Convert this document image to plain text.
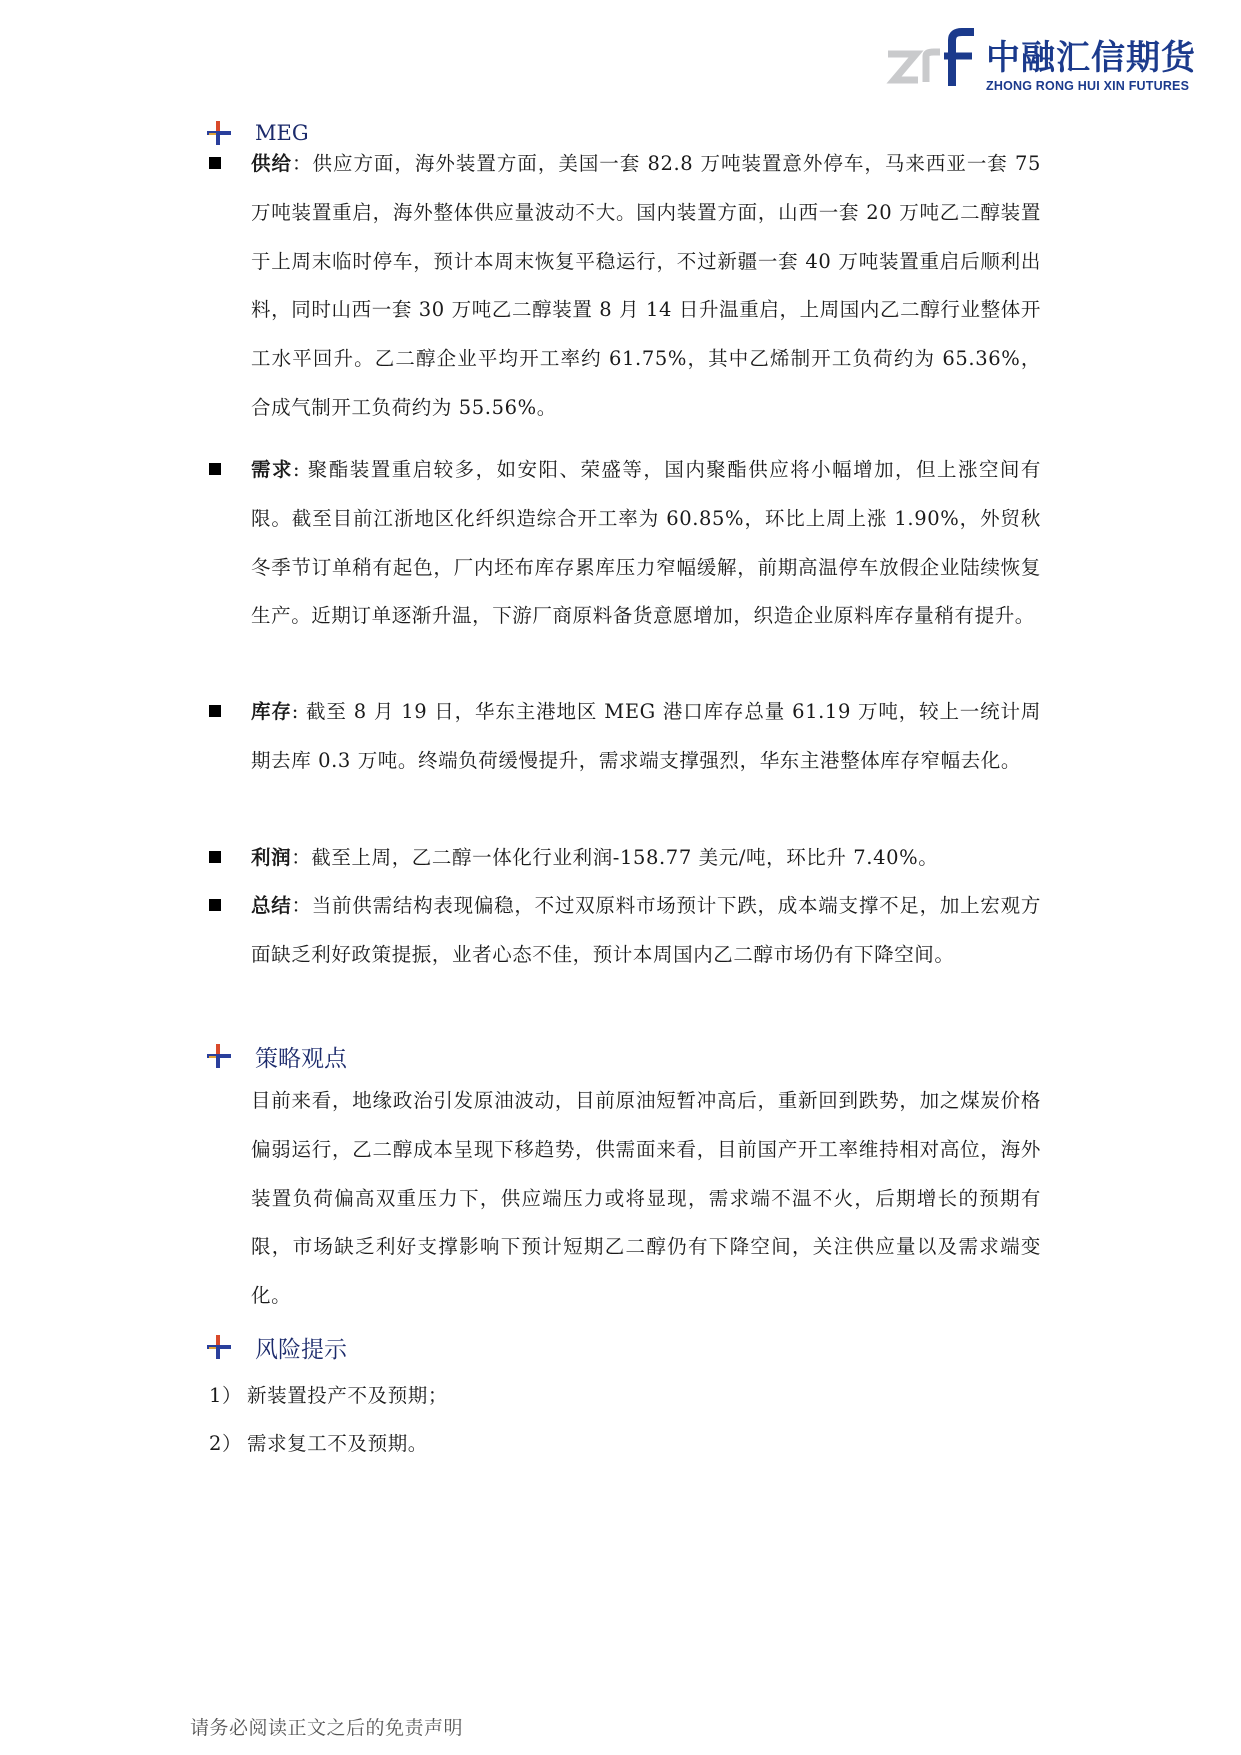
中融汇信期货
ZHONG RONG HUI XIN FUTURES
MEG
供给：供应方面，海外装置方面，美国一套 82.8 万吨装置意外停车，马来西亚一套 75 万吨装置重启，海外整体供应量波动不大。国内装置方面，山西一套 20 万吨乙二醇装置于上周末临时停车，预计本周末恢复平稳运行，不过新疆一套 40 万吨装置重启后顺利出料，同时山西一套 30 万吨乙二醇装置 8 月 14 日升温重启，上周国内乙二醇行业整体开工水平回升。乙二醇企业平均开工率约 61.75%，其中乙烯制开工负荷约为 65.36%，合成气制开工负荷约为 55.56%。
需求: 聚酯装置重启较多，如安阳、荣盛等，国内聚酯供应将小幅增加，但上涨空间有限。截至目前江浙地区化纤织造综合开工率为 60.85%，环比上周上涨 1.90%，外贸秋冬季节订单稍有起色，厂内坯布库存累库压力窄幅缓解，前期高温停车放假企业陆续恢复生产。近期订单逐渐升温，下游厂商原料备货意愿增加，织造企业原料库存量稍有提升。
库存: 截至 8 月 19 日，华东主港地区 MEG 港口库存总量 61.19 万吨，较上一统计周期去库 0.3 万吨。终端负荷缓慢提升，需求端支撑强烈，华东主港整体库存窄幅去化。
利润：截至上周，乙二醇一体化行业利润-158.77 美元/吨，环比升 7.40%。
总结：当前供需结构表现偏稳，不过双原料市场预计下跌，成本端支撑不足，加上宏观方面缺乏利好政策提振，业者心态不佳，预计本周国内乙二醇市场仍有下降空间。
策略观点
目前来看，地缘政治引发原油波动，目前原油短暂冲高后，重新回到跌势，加之煤炭价格偏弱运行，乙二醇成本呈现下移趋势，供需面来看，目前国产开工率维持相对高位，海外装置负荷偏高双重压力下，供应端压力或将显现，需求端不温不火，后期增长的预期有限，市场缺乏利好支撑影响下预计短期乙二醇仍有下降空间，关注供应量以及需求端变化。
风险提示
1） 新装置投产不及预期；
2） 需求复工不及预期。
请务必阅读正文之后的免责声明
